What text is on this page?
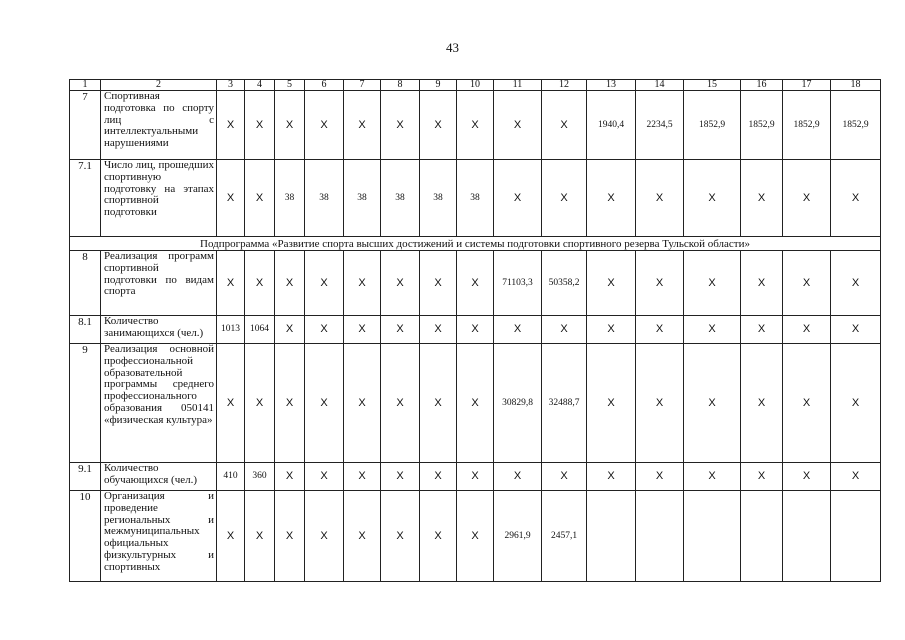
43
1	2	3	4	5	6	7	8	9	10	11	12	13	14	15	16	17	18
7	Спортивная подготовка по спорту лиц с интеллектуальными нарушениями	Х	Х	Х	Х	Х	Х	Х	Х	Х	Х	1940,4	2234,5	1852,9	1852,9	1852,9	1852,9
7.1	Число лиц, прошедших спортивную подготовку на этапах спортивной подготовки	Х	Х	38	38	38	38	38	38	Х	Х	Х	Х	Х	Х	Х	Х
Подпрограмма «Развитие спорта высших достижений и системы подготовки спортивного резерва Тульской области»																	
8	Реализация программ спортивной подготовки по видам спорта	Х	Х	Х	Х	Х	Х	Х	Х	71103,3	50358,2	Х	Х	Х	Х	Х	Х
8.1	Количество занимающихся (чел.)	1013	1064	Х	Х	Х	Х	Х	Х	Х	Х	Х	Х	Х	Х	Х	Х
9	Реализация основной профессиональной образовательной программы среднего профессионального образования 050141 «физическая культура»	Х	Х	Х	Х	Х	Х	Х	Х	30829,8	32488,7	Х	Х	Х	Х	Х	Х
9.1	Количество обучающихся (чел.)	410	360	Х	Х	Х	Х	Х	Х	Х	Х	Х	Х	Х	Х	Х	Х
10	Организация и проведение региональных и межмуниципальных официальных физкультурных и спортивных	Х	Х	Х	Х	Х	Х	Х	Х	2961,9	2457,1						
